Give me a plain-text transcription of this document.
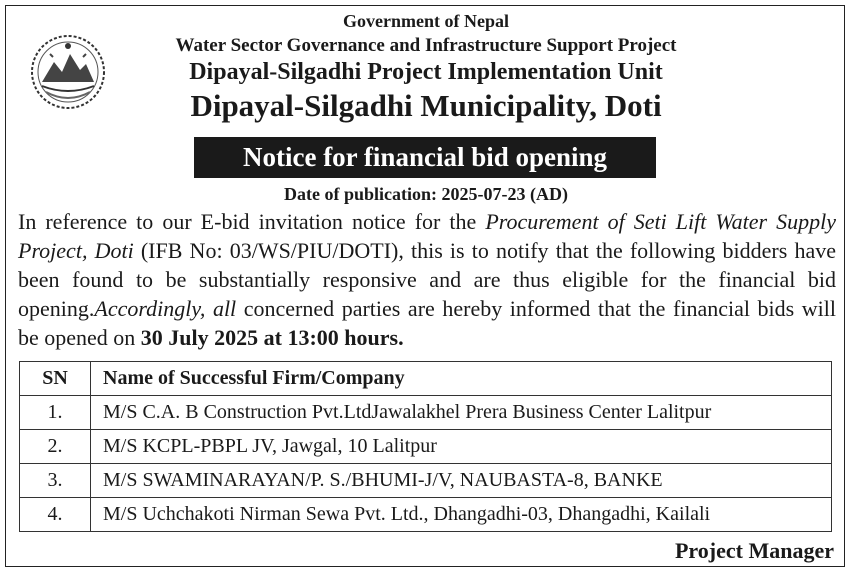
Government of Nepal
Water Sector Governance and Infrastructure Support Project
Dipayal-Silgadhi Project Implementation Unit
Dipayal-Silgadhi Municipality, Doti
Notice for financial bid opening
Date of publication: 2025-07-23 (AD)
In reference to our E-bid invitation notice for the Procurement of Seti Lift Water Supply Project, Doti (IFB No: 03/WS/PIU/DOTI), this is to notify that the following bidders have been found to be substantially responsive and are thus eligible for the financial bid opening.Accordingly, all concerned parties are hereby informed that the financial bids will be opened on 30 July 2025 at 13:00 hours.
SN	Name of Successful Firm/Company
1.	M/S C.A. B Construction Pvt.LtdJawalakhel Prera Business Center Lalitpur
2.	M/S KCPL-PBPL JV, Jawgal, 10 Lalitpur
3.	M/S SWAMINARAYAN/P. S./BHUMI-J/V, NAUBASTA-8, BANKE
4.	M/S Uchchakoti Nirman Sewa Pvt. Ltd., Dhangadhi-03, Dhangadhi, Kailali
Project Manager
